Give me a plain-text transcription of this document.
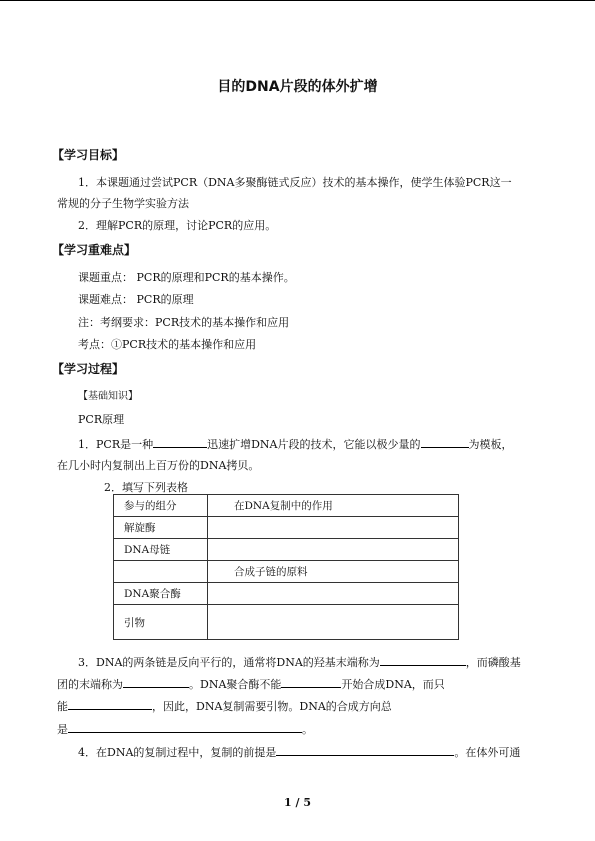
目的DNA片段的体外扩增
【学习目标】
1．本课题通过尝试PCR（DNA多聚酶链式反应）技术的基本操作，使学生体验PCR这一
常规的分子生物学实验方法
2．理解PCR的原理，讨论PCR的应用。
【学习重难点】
课题重点： PCR的原理和PCR的基本操作。
课题难点： PCR的原理
注：考纲要求：PCR技术的基本操作和应用
考点：①PCR技术的基本操作和应用
【学习过程】
【基础知识】
PCR原理
1．PCR是一种	迅速扩增DNA片段的技术，它能以极少量的	为模板，
在几小时内复制出上百万份的DNA拷贝。
2．填写下列表格
参与的组分	在DNA复制中的作用
解旋酶	
DNA母链	
	合成子链的原料
DNA聚合酶	
引物	
3．DNA的两条链是反向平行的，通常将DNA的羟基末端称为	，而磷酸基
团的末端称为	。DNA聚合酶不能	开始合成DNA，而只
能	，因此，DNA复制需要引物。DNA的合成方向总
是	。
4．在DNA的复制过程中，复制的前提是	。在体外可通
1 / 5
